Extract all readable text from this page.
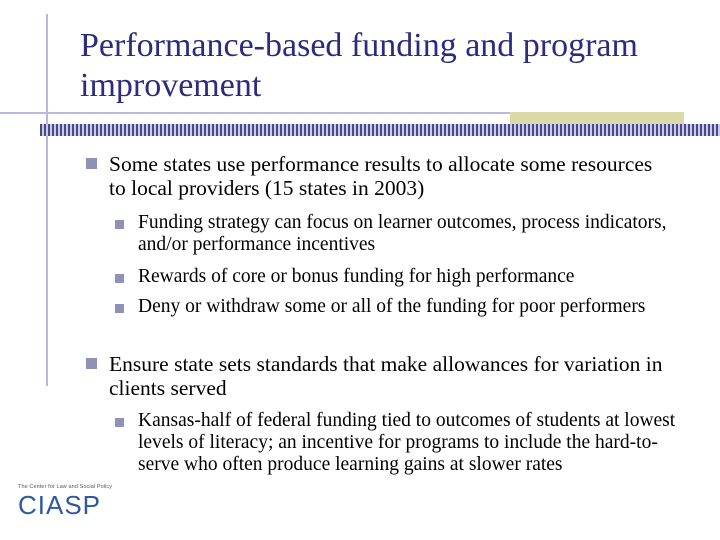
Performance-based funding and program improvement

Some states use performance results to allocate some resources to local providers (15 states in 2003)

Funding strategy can focus on learner outcomes, process indicators, and/or performance incentives

Rewards of core or bonus funding for high performance

Deny or withdraw some or all of the funding for poor performers

Ensure state sets standards that make allowances for variation in clients served

Kansas-half of federal funding tied to outcomes of students at lowest levels of literacy; an incentive for programs to include the hard-to-serve who often produce learning gains at slower rates

The Center for Law and Social Policy
CIASP
